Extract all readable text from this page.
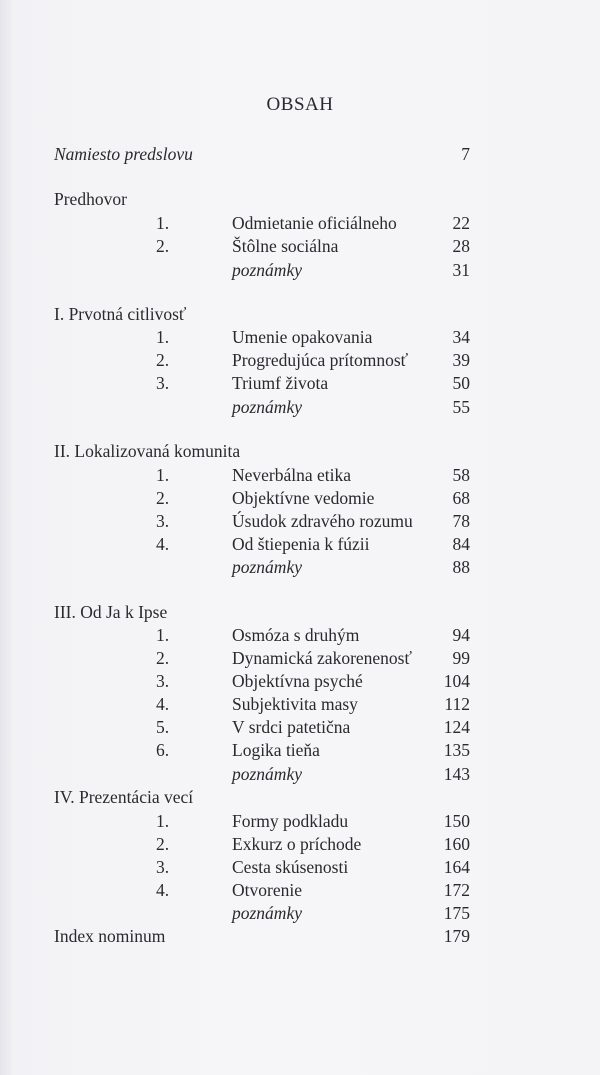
OBSAH
Namiesto predslovu	7
Predhovor
1.	Odmietanie oficiálneho	22
2.	Štôlne sociálna	28
poznámky	31
I. Prvotná citlivosť
1.	Umenie opakovania	34
2.	Progredujúca prítomnosť	39
3.	Triumf života	50
poznámky	55
II. Lokalizovaná komunita
1.	Neverbálna etika	58
2.	Objektívne vedomie	68
3.	Úsudok zdravého rozumu	78
4.	Od štiepenia k fúzii	84
poznámky	88
III. Od Ja k Ipse
1.	Osmóza s druhým	94
2.	Dynamická zakorenenosť	99
3.	Objektívna psyché	104
4.	Subjektivita masy	112
5.	V srdci patetična	124
6.	Logika tieňa	135
poznámky	143
IV. Prezentácia vecí
1.	Formy podkladu	150
2.	Exkurz o príchode	160
3.	Cesta skúsenosti	164
4.	Otvorenie	172
poznámky	175
Index nominum	179
